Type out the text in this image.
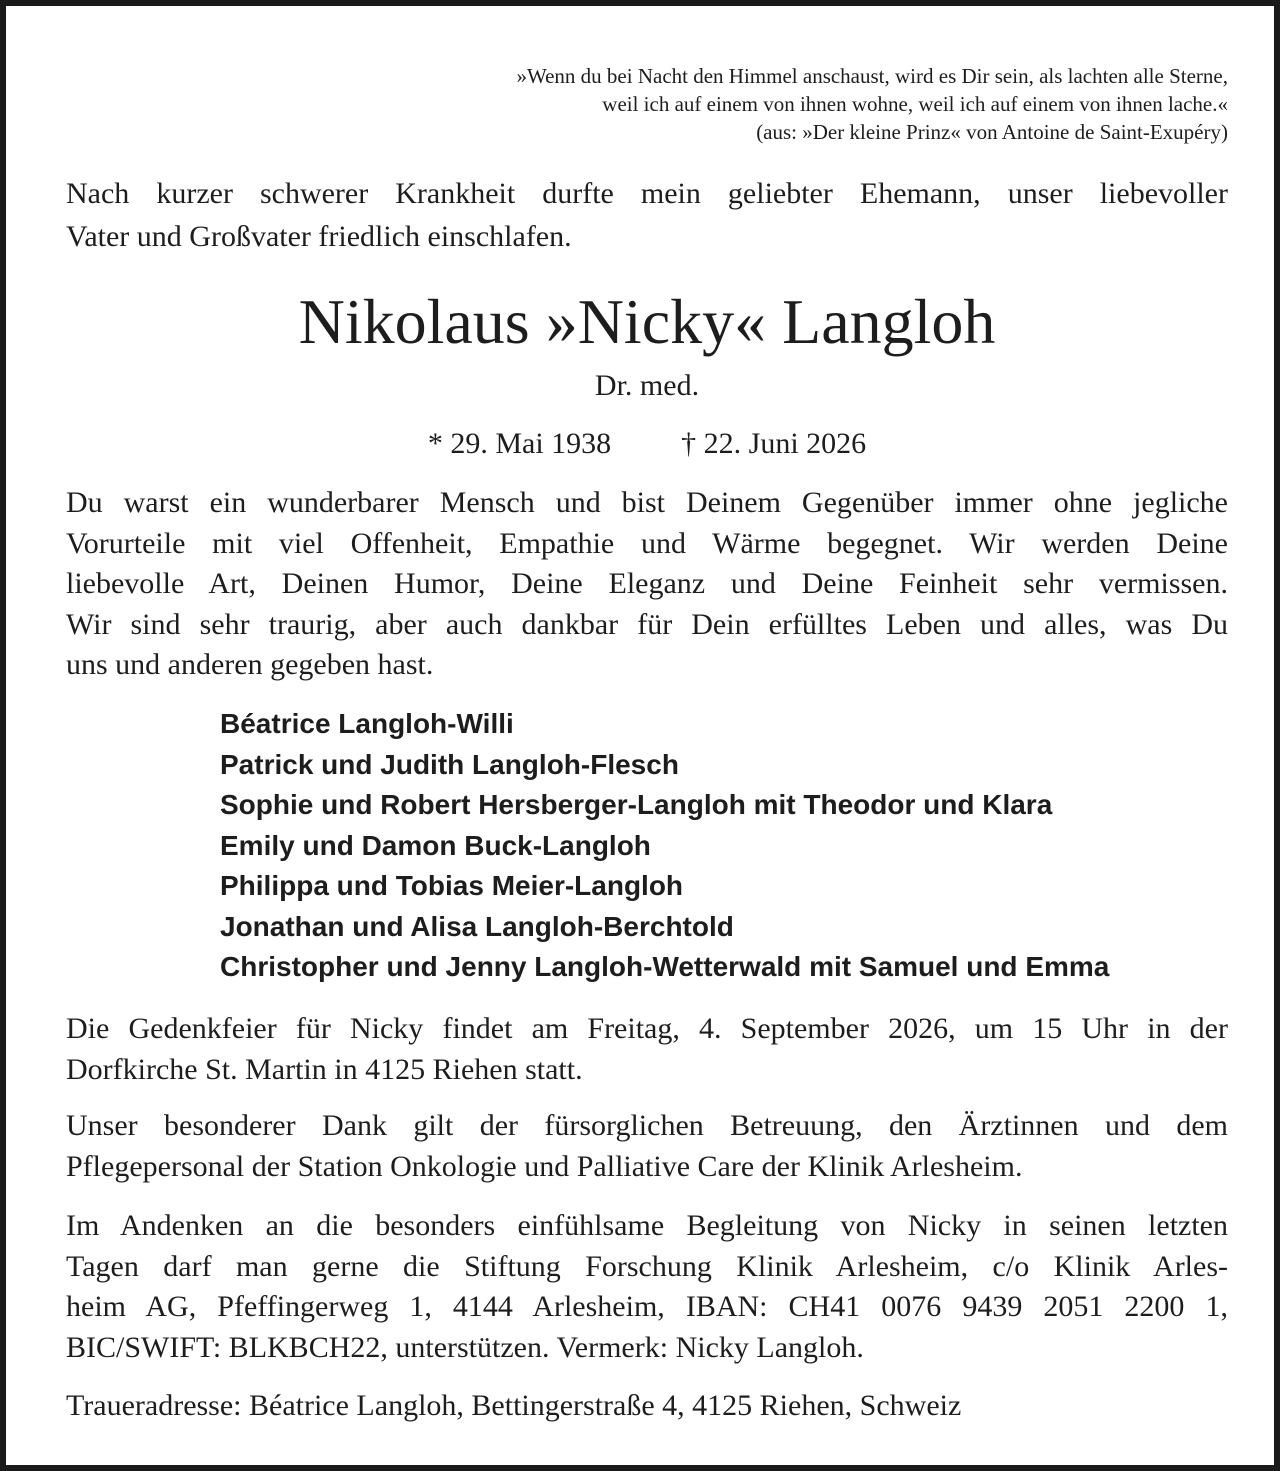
»Wenn du bei Nacht den Himmel anschaust, wird es Dir sein, als lachten alle Sterne,
weil ich auf einem von ihnen wohne, weil ich auf einem von ihnen lache.«
(aus: »Der kleine Prinz« von Antoine de Saint-Exupéry)
Nach kurzer schwerer Krankheit durfte mein geliebter Ehemann, unser liebevoller
Vater und Großvater friedlich einschlafen.
Nikolaus »Nicky« Langloh
Dr. med.
* 29. Mai 1938 † 22. Juni 2026
Du warst ein wunderbarer Mensch und bist Deinem Gegenüber immer ohne jegliche
Vorurteile mit viel Offenheit, Empathie und Wärme begegnet. Wir werden Deine
liebevolle Art, Deinen Humor, Deine Eleganz und Deine Feinheit sehr vermissen.
Wir sind sehr traurig, aber auch dankbar für Dein erfülltes Leben und alles, was Du
uns und anderen gegeben hast.
Béatrice Langloh-Willi
Patrick und Judith Langloh-Flesch
Sophie und Robert Hersberger-Langloh mit Theodor und Klara
Emily und Damon Buck-Langloh
Philippa und Tobias Meier-Langloh
Jonathan und Alisa Langloh-Berchtold
Christopher und Jenny Langloh-Wetterwald mit Samuel und Emma
Die Gedenkfeier für Nicky findet am Freitag, 4. September 2026, um 15 Uhr in der
Dorfkirche St. Martin in 4125 Riehen statt.
Unser besonderer Dank gilt der fürsorglichen Betreuung, den Ärztinnen und dem
Pflegepersonal der Station Onkologie und Palliative Care der Klinik Arlesheim.
Im Andenken an die besonders einfühlsame Begleitung von Nicky in seinen letzten
Tagen darf man gerne die Stiftung Forschung Klinik Arlesheim, c/o Klinik Arles-
heim AG, Pfeffingerweg 1, 4144 Arlesheim, IBAN: CH41 0076 9439 2051 2200 1,
BIC/SWIFT: BLKBCH22, unterstützen. Vermerk: Nicky Langloh.
Traueradresse: Béatrice Langloh, Bettingerstraße 4, 4125 Riehen, Schweiz
